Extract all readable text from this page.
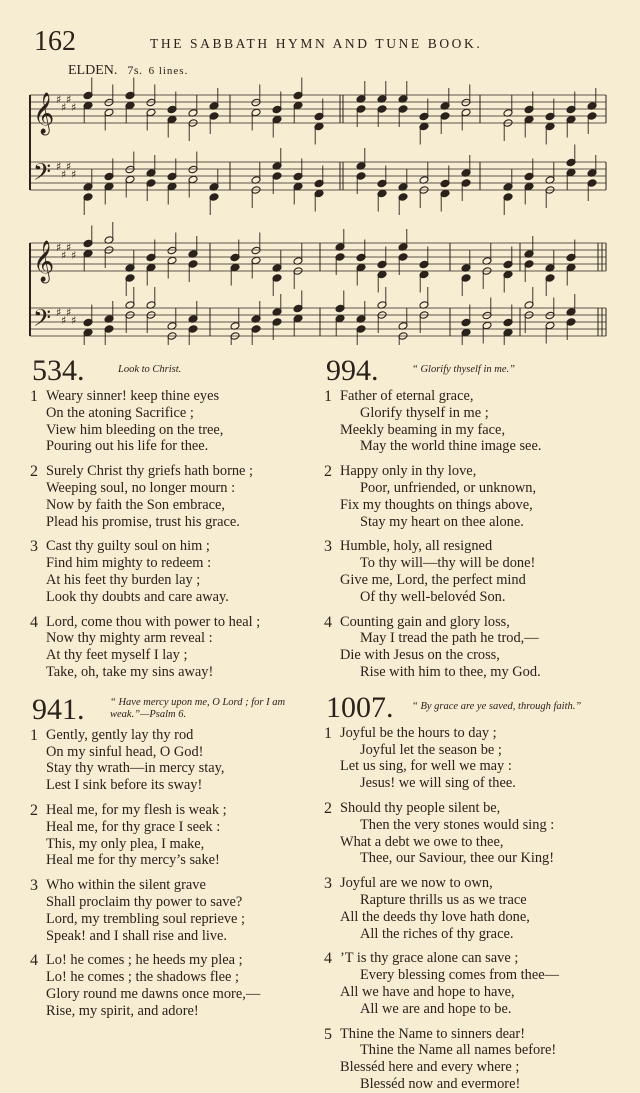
162	THE SABBATH HYMN AND TUNE BOOK.
ELDEN. 7s. 6 lines.
𝄞 ♯
♯
♯
♯
𝄢 ♯
♯
♯
♯
𝄞 ♯
♯
♯
♯
𝄢 ♯
♯
♯
♯
534.	Look to Christ.
1 Weary sinner! keep thine eyes
On the atoning Sacrifice ;
View him bleeding on the tree,
Pouring out his life for thee.
2 Surely Christ thy griefs hath borne ;
Weeping soul, no longer mourn :
Now by faith the Son embrace,
Plead his promise, trust his grace.
3 Cast thy guilty soul on him ;
Find him mighty to redeem :
At his feet thy burden lay ;
Look thy doubts and care away.
4 Lord, come thou with power to heal ;
Now thy mighty arm reveal :
At thy feet myself I lay ;
Take, oh, take my sins away!
941. “ Have mercy upon me, O Lord ; for I am weak.”—Psalm 6.
1 Gently, gently lay thy rod
On my sinful head, O God!
Stay thy wrath—in mercy stay,
Lest I sink before its sway!
2 Heal me, for my flesh is weak ;
Heal me, for thy grace I seek :
This, my only plea, I make,
Heal me for thy mercy’s sake!
3 Who within the silent grave
Shall proclaim thy power to save?
Lord, my trembling soul reprieve ;
Speak! and I shall rise and live.
4 Lo! he comes ; he heeds my plea ;
Lo! he comes ; the shadows flee ;
Glory round me dawns once more,—
Rise, my spirit, and adore!
994.	“ Glorify thyself in me.”
1 Father of eternal grace,
Glorify thyself in me ;
Meekly beaming in my face,
May the world thine image see.
2 Happy only in thy love,
Poor, unfriended, or unknown,
Fix my thoughts on things above,
Stay my heart on thee alone.
3 Humble, holy, all resigned
To thy will—thy will be done!
Give me, Lord, the perfect mind
Of thy well-belovéd Son.
4 Counting gain and glory loss,
May I tread the path he trod,—
Die with Jesus on the cross,
Rise with him to thee, my God.
1007. “ By grace are ye saved, through faith.”
1 Joyful be the hours to day ;
Joyful let the season be ;
Let us sing, for well we may :
Jesus! we will sing of thee.
2 Should thy people silent be,
Then the very stones would sing :
What a debt we owe to thee,
Thee, our Saviour, thee our King!
3 Joyful are we now to own,
Rapture thrills us as we trace
All the deeds thy love hath done,
All the riches of thy grace.
4 ’T is thy grace alone can save ;
Every blessing comes from thee—
All we have and hope to have,
All we are and hope to be.
5 Thine the Name to sinners dear!
Thine the Name all names before!
Blesséd here and every where ;
Blesséd now and evermore!
